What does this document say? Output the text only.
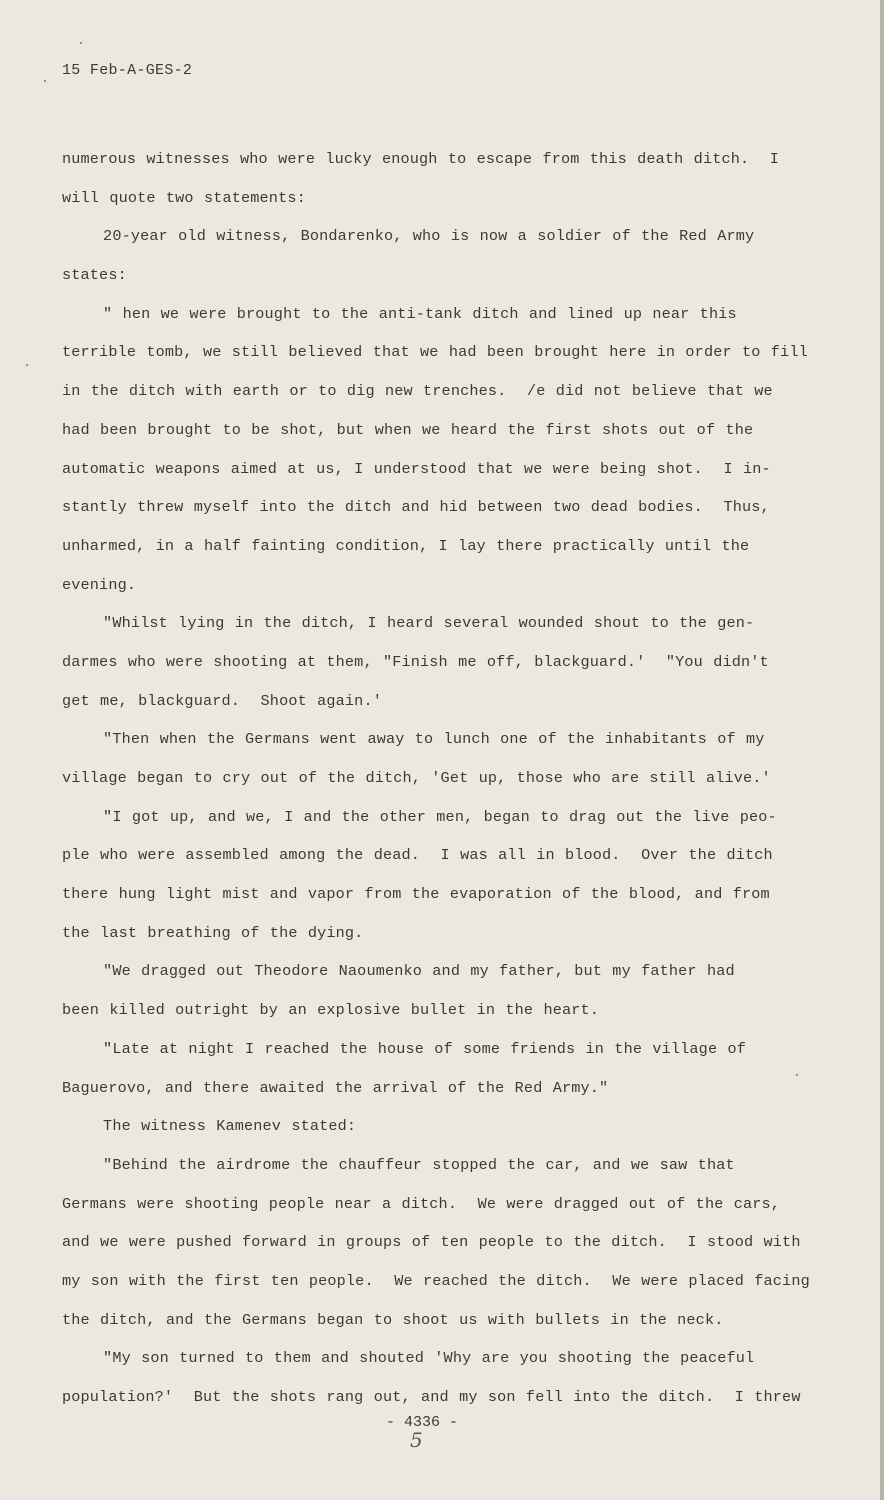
15 Feb-A-GES-2
numerous witnesses who were lucky enough to escape from this death ditch.  I
will quote two statements:
20-year old witness, Bondarenko, who is now a soldier of the Red Army
states:
" hen we were brought to the anti-tank ditch and lined up near this
terrible tomb, we still believed that we had been brought here in order to fill
in the ditch with earth or to dig new trenches.  /e did not believe that we
had been brought to be shot, but when we heard the first shots out of the
automatic weapons aimed at us, I understood that we were being shot.  I in-
stantly threw myself into the ditch and hid between two dead bodies.  Thus,
unharmed, in a half fainting condition, I lay there practically until the
evening.
"Whilst lying in the ditch, I heard several wounded shout to the gen-
darmes who were shooting at them, "Finish me off, blackguard.'  "You didn't
get me, blackguard.  Shoot again.'
"Then when the Germans went away to lunch one of the inhabitants of my
village began to cry out of the ditch, 'Get up, those who are still alive.'
"I got up, and we, I and the other men, began to drag out the live peo-
ple who were assembled among the dead.  I was all in blood.  Over the ditch
there hung light mist and vapor from the evaporation of the blood, and from
the last breathing of the dying.
"We dragged out Theodore Naoumenko and my father, but my father had
been killed outright by an explosive bullet in the heart.
"Late at night I reached the house of some friends in the village of
Baguerovo, and there awaited the arrival of the Red Army."
The witness Kamenev stated:
"Behind the airdrome the chauffeur stopped the car, and we saw that
Germans were shooting people near a ditch.  We were dragged out of the cars,
and we were pushed forward in groups of ten people to the ditch.  I stood with
my son with the first ten people.  We reached the ditch.  We were placed facing
the ditch, and the Germans began to shoot us with bullets in the neck.
"My son turned to them and shouted 'Why are you shooting the peaceful
population?'  But the shots rang out, and my son fell into the ditch.  I threw
- 4336 -
5
